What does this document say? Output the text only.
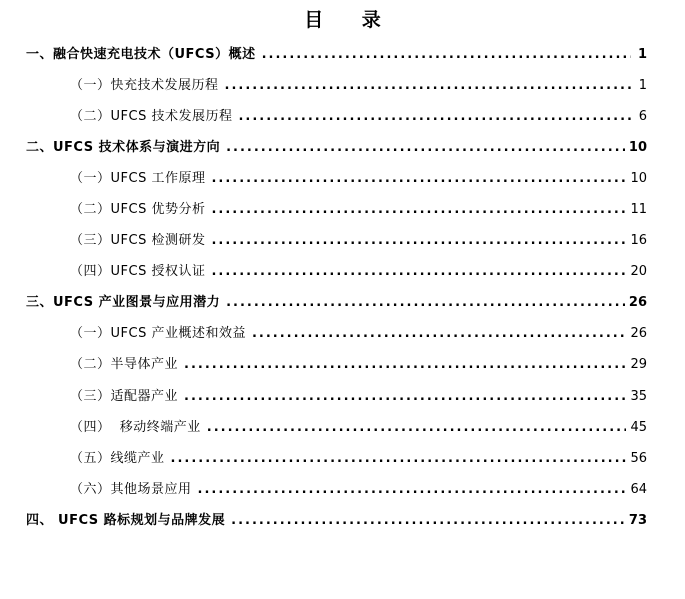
目 录
一、融合快速充电技术（UFCS）概述 .....	1
（一）快充技术发展历程 .....	1
（二）UFCS 技术发展历程 .....	6
二、UFCS 技术体系与演进方向 .....	10
（一）UFCS 工作原理 .....	10
（二）UFCS 优势分析 .....	11
（三）UFCS 检测研发 .....	16
（四）UFCS 授权认证 .....	20
三、UFCS 产业图景与应用潜力 .....	26
（一）UFCS 产业概述和效益 .....	26
（二）半导体产业 .....	29
（三）适配器产业 .....	35
（四）  移动终端产业 .....	45
（五）线缆产业 .....	56
（六）其他场景应用 .....	64
四、 UFCS 路标规划与品牌发展 .....	73
